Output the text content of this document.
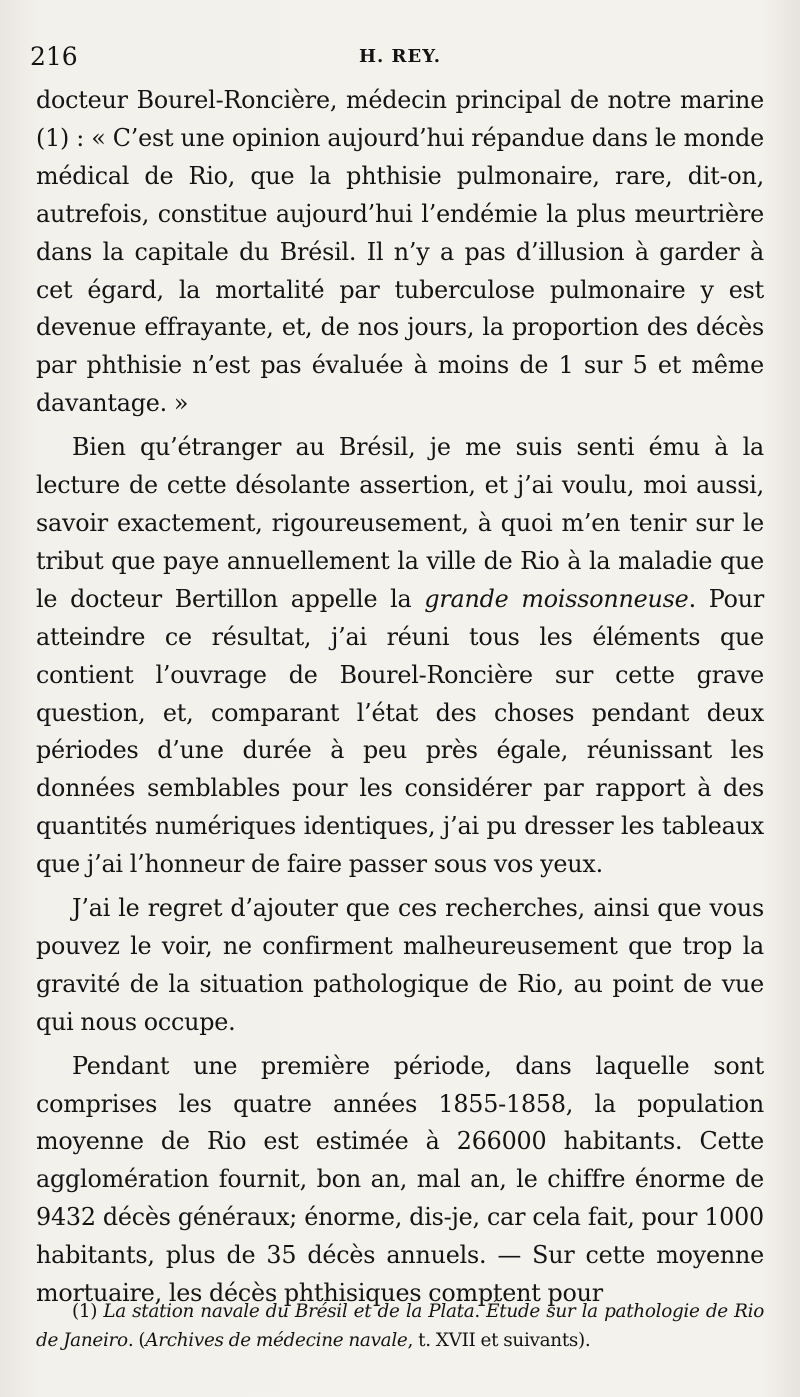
216	H. REY.

docteur Bourel-Roncière, médecin principal de notre marine (1) : « C’est une opinion aujourd’hui répandue dans le monde médical de Rio, que la phthisie pulmonaire, rare, dit-on, autrefois, constitue aujourd’hui l’endémie la plus meurtrière dans la capitale du Brésil. Il n’y a pas d’illusion à garder à cet égard, la mortalité par tuberculose pulmonaire y est devenue effrayante, et, de nos jours, la proportion des décès par phthisie n’est pas évaluée à moins de 1 sur 5 et même davantage. »

Bien qu’étranger au Brésil, je me suis senti ému à la lecture de cette désolante assertion, et j’ai voulu, moi aussi, savoir exactement, rigoureusement, à quoi m’en tenir sur le tribut que paye annuellement la ville de Rio à la maladie que le docteur Bertillon appelle la grande moissonneuse. Pour atteindre ce résultat, j’ai réuni tous les éléments que contient l’ouvrage de Bourel-Roncière sur cette grave question, et, comparant l’état des choses pendant deux périodes d’une durée à peu près égale, réunissant les données semblables pour les considérer par rapport à des quantités numériques identiques, j’ai pu dresser les tableaux que j’ai l’honneur de faire passer sous vos yeux.

J’ai le regret d’ajouter que ces recherches, ainsi que vous pouvez le voir, ne confirment malheureusement que trop la gravité de la situation pathologique de Rio, au point de vue qui nous occupe.

Pendant une première période, dans laquelle sont comprises les quatre années 1855-1858, la population moyenne de Rio est estimée à 266000 habitants. Cette agglomération fournit, bon an, mal an, le chiffre énorme de 9432 décès généraux; énorme, dis-je, car cela fait, pour 1000 habitants, plus de 35 décès annuels. — Sur cette moyenne mortuaire, les décès phthisiques comptent pour

(1) La station navale du Brésil et de la Plata. Étude sur la pathologie de Rio de Janeiro. (Archives de médecine navale, t. XVII et suivants).
